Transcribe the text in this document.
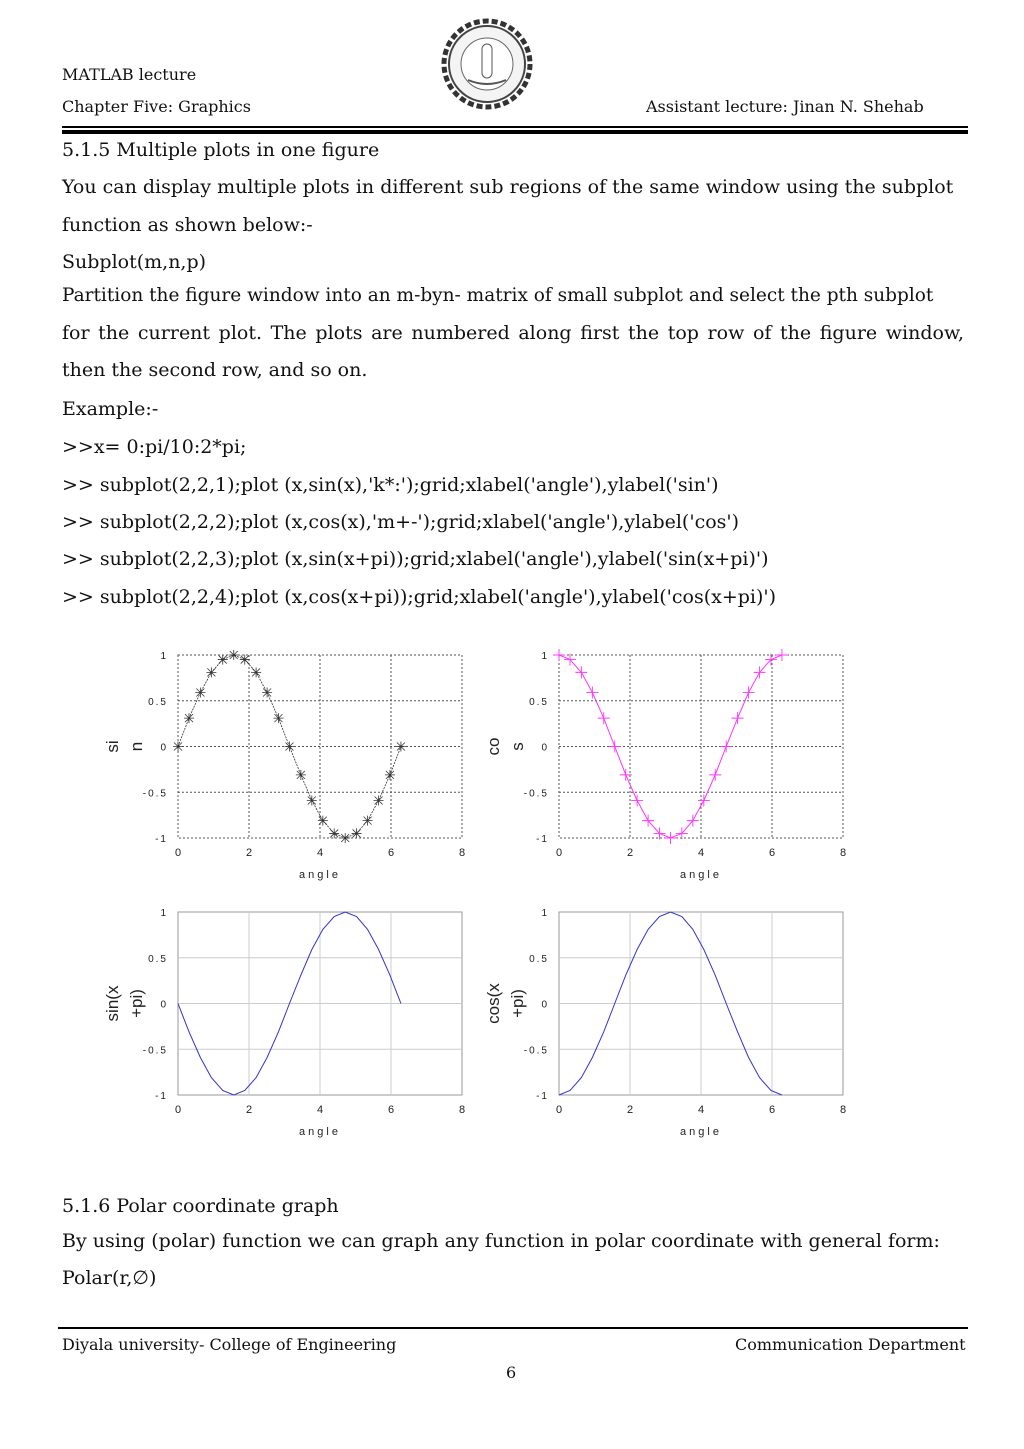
MATLAB lecture
Chapter Five: Graphics	Assistant lecture: Jinan N. Shehab
5.1.5 Multiple plots in one figure
You can display multiple plots in different sub regions of the same window using the subplot
function as shown below:-
Subplot(m,n,p)
Partition the figure window into an m-byn- matrix of small subplot and select the pth subplot
for the current plot. The plots are numbered along first the top row of the figure window,
then the second row, and so on.
Example:-
>>x= 0:pi/10:2*pi;
>> subplot(2,2,1);plot (x,sin(x),'k*:');grid;xlabel('angle'),ylabel('sin')
>> subplot(2,2,2);plot (x,cos(x),'m+-');grid;xlabel('angle'),ylabel('cos')
>> subplot(2,2,3);plot (x,sin(x+pi));grid;xlabel('angle'),ylabel('sin(x+pi)')
>> subplot(2,2,4);plot (x,cos(x+pi));grid;xlabel('angle'),ylabel('cos(x+pi)')
0	2	4	6	8
1
0.5
0
-0.5
-1
angle
si n
0	2	4	6	8
1
0.5
0
-0.5
-1
angle
co s
0	2	4	6	8
1
0.5
0
-0.5
-1
angle
sin(x +pi)
0	2	4	6	8
1
0.5
0
-0.5
-1
angle
cos(x +pi)
5.1.6 Polar coordinate graph
By using (polar) function we can graph any function in polar coordinate with general form:
Polar(r,∅)
Diyala university- College of Engineering	Communication Department
6
